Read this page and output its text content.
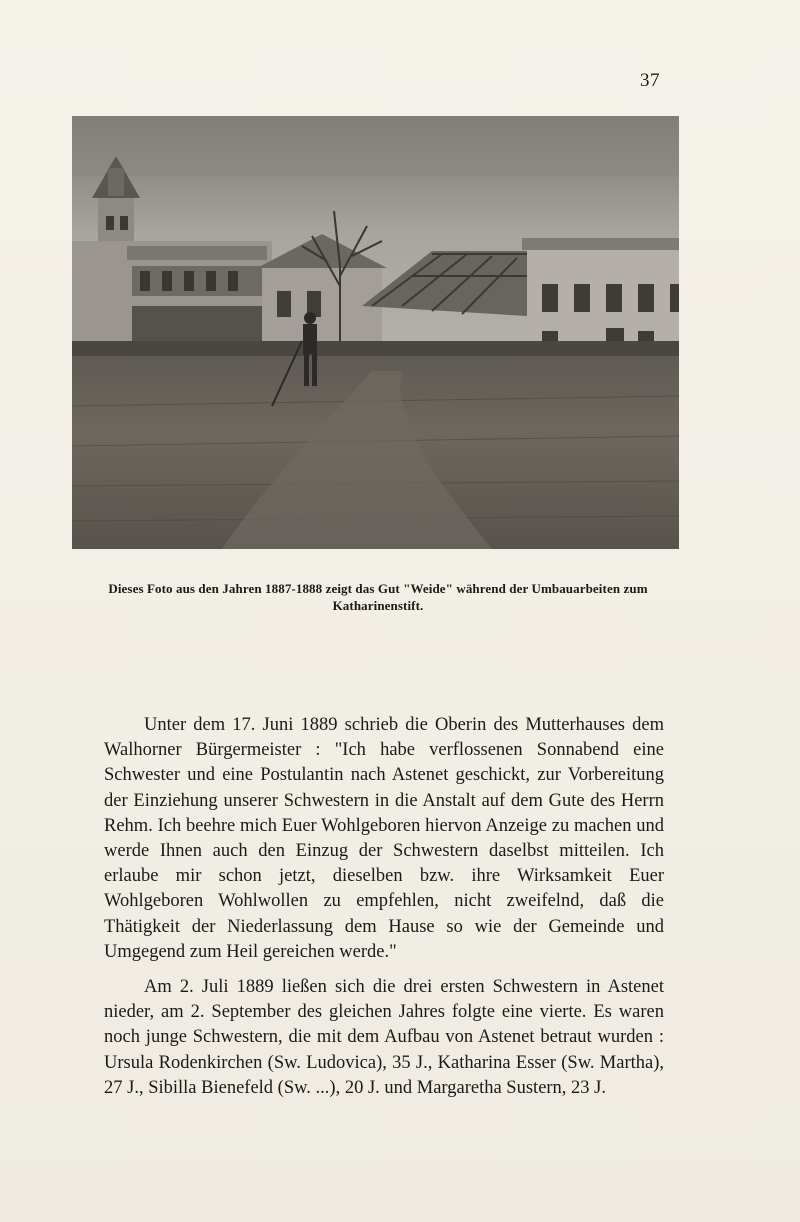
37
Dieses Foto aus den Jahren 1887-1888 zeigt das Gut "Weide" während der Umbauarbeiten zum Katharinenstift.

Unter dem 17. Juni 1889 schrieb die Oberin des Mutterhauses dem Walhorner Bürgermeister : "Ich habe verflossenen Sonnabend eine Schwester und eine Postulantin nach Astenet geschickt, zur Vorbereitung der Einziehung unserer Schwestern in die Anstalt auf dem Gute des Herrn Rehm. Ich beehre mich Euer Wohlgeboren hiervon Anzeige zu machen und werde Ihnen auch den Einzug der Schwestern daselbst mitteilen. Ich erlaube mir schon jetzt, dieselben bzw. ihre Wirksamkeit Euer Wohlgeboren Wohlwollen zu empfehlen, nicht zweifelnd, daß die Thätigkeit der Niederlassung dem Hause so wie der Gemeinde und Umgegend zum Heil gereichen werde."

Am 2. Juli 1889 ließen sich die drei ersten Schwestern in Astenet nieder, am 2. September des gleichen Jahres folgte eine vierte. Es waren noch junge Schwestern, die mit dem Aufbau von Astenet betraut wurden : Ursula Rodenkirchen (Sw. Ludovica), 35 J., Katharina Esser (Sw. Martha), 27 J., Sibilla Bienefeld (Sw. ...), 20 J. und Margaretha Sustern, 23 J.
